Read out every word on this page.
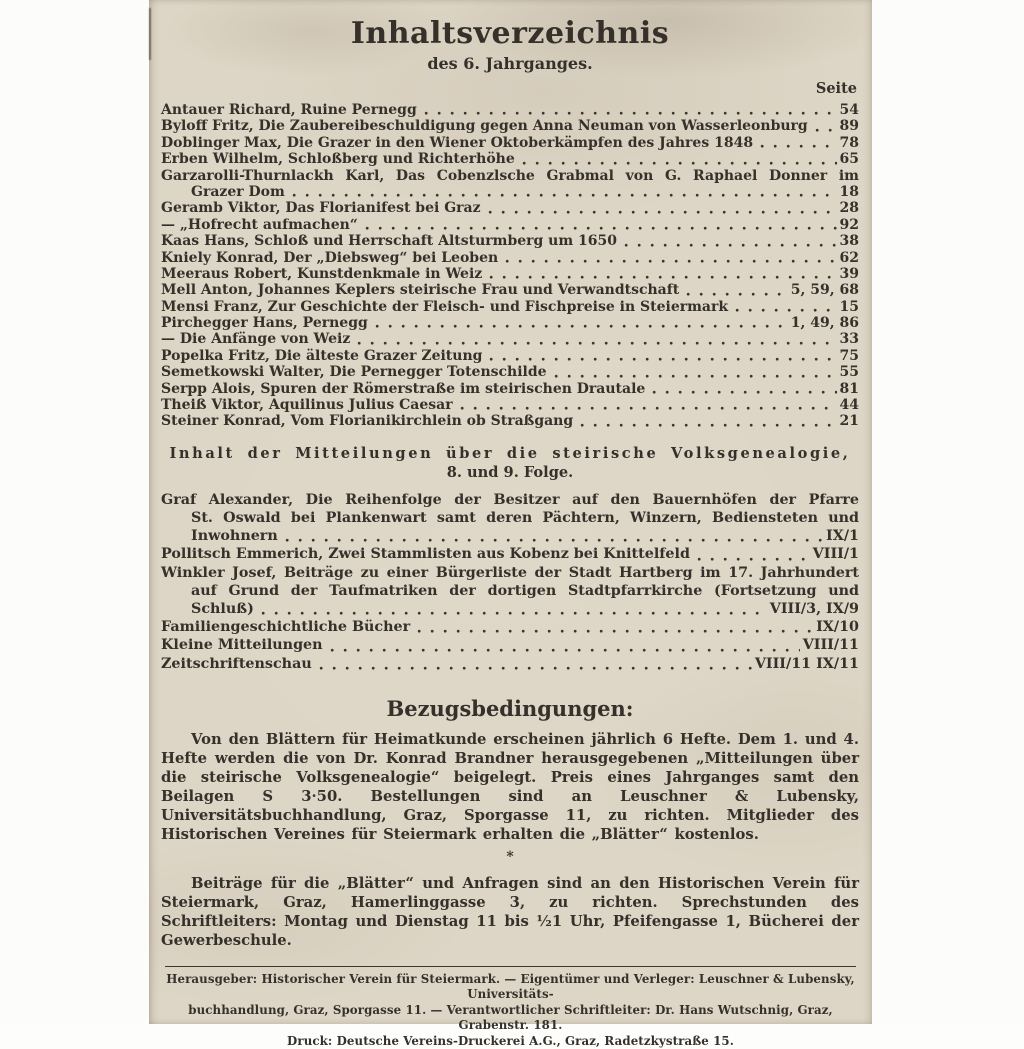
Inhaltsverzeichnis
des 6. Jahrganges.
Seite
Antauer Richard, Ruine Pernegg	54
Byloff Fritz, Die Zaubereibeschuldigung gegen Anna Neuman von Wasserleonburg 89
Doblinger Max, Die Grazer in den Wiener Oktoberkämpfen des Jahres 1848	78
Erben Wilhelm, Schloßberg und Richterhöhe	65
Garzarolli-Thurnlackh Karl, Das Cobenzlsche Grabmal von G. Raphael Donner im
Grazer Dom	18
Geramb Viktor, Das Florianifest bei Graz	28
— „Hofrecht aufmachen“	92
Kaas Hans, Schloß und Herrschaft Altsturmberg um 1650	38
Kniely Konrad, Der „Diebsweg“ bei Leoben	62
Meeraus Robert, Kunstdenkmale in Weiz	39
Mell Anton, Johannes Keplers steirische Frau und Verwandtschaft	5, 59, 68
Mensi Franz, Zur Geschichte der Fleisch- und Fischpreise in Steiermark	15
Pirchegger Hans, Pernegg	1, 49, 86
— Die Anfänge von Weiz	33
Popelka Fritz, Die älteste Grazer Zeitung	75
Semetkowski Walter, Die Pernegger Totenschilde	55
Serpp Alois, Spuren der Römerstraße im steirischen Drautale	81
Theiß Viktor, Aquilinus Julius Caesar	44
Steiner Konrad, Vom Florianikirchlein ob Straßgang	21
Inhalt der Mitteilungen über die steirische Volksgenealogie,
8. und 9. Folge.
Graf Alexander, Die Reihenfolge der Besitzer auf den Bauernhöfen der Pfarre
St. Oswald bei Plankenwart samt deren Pächtern, Winzern, Bediensteten und
Inwohnern	IX/1
Pollitsch Emmerich, Zwei Stammlisten aus Kobenz bei Knittelfeld	VIII/1
Winkler Josef, Beiträge zu einer Bürgerliste der Stadt Hartberg im 17. Jahrhundert
auf Grund der Taufmatriken der dortigen Stadtpfarrkirche (Fortsetzung und
Schluß)	VIII/3, IX/9
Familiengeschichtliche Bücher	IX/10
Kleine Mitteilungen	VIII/11
Zeitschriftenschau	VIII/11 IX/11
Bezugsbedingungen:

Von den Blättern für Heimatkunde erscheinen jährlich 6 Hefte. Dem 1. und 4. Hefte werden die von Dr. Konrad Brandner herausgegebenen „Mitteilungen über die steirische Volksgenealogie“ beigelegt. Preis eines Jahrganges samt den Beilagen S 3·50. Bestellungen sind an Leuschner & Lubensky, Universitätsbuchhandlung, Graz, Sporgasse 11, zu richten. Mitglieder des Historischen Vereines für Steiermark erhalten die „Blätter“ kostenlos.

*

Beiträge für die „Blätter“ und Anfragen sind an den Historischen Verein für Steiermark, Graz, Hamerlinggasse 3, zu richten. Sprechstunden des Schriftleiters: Montag und Dienstag 11 bis ½1 Uhr, Pfeifengasse 1, Bücherei der Gewerbeschule.

Herausgeber: Historischer Verein für Steiermark. — Eigentümer und Verleger: Leuschner & Lubensky, Universitäts-
buchhandlung, Graz, Sporgasse 11. — Verantwortlicher Schriftleiter: Dr. Hans Wutschnig, Graz, Grabenstr. 181.
Druck: Deutsche Vereins-Druckerei A.G., Graz, Radetzkystraße 15.
